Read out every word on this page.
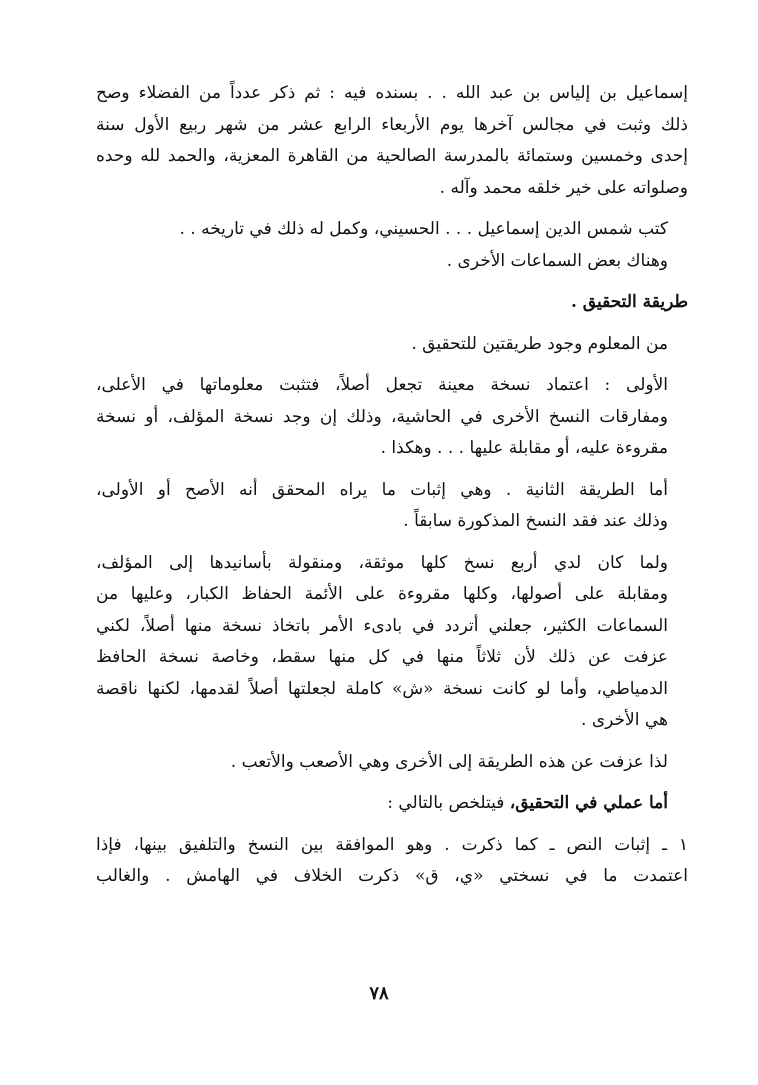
إسماعيل بن إلياس بن عبد الله . . بسنده فيه : ثم ذكر عدداً من الفضلاء وصح
ذلك وثبت في مجالس آخرها يوم الأربعاء الرابع عشر من شهر ربيع الأول سنة
إحدى وخمسين وستمائة بالمدرسة الصالحية من القاهرة المعزية، والحمد لله وحده
وصلواته على خير خلقه محمد وآله .
كتب شمس الدين إسماعيل . . . الحسيني، وكمل له ذلك في تاريخه . .
وهناك بعض السماعات الأخرى .
طريقة التحقيق .
من المعلوم وجود طريقتين للتحقيق .
الأولى : اعتماد نسخة معينة تجعل أصلاً، فتثبت معلوماتها في الأعلى،
ومفارقات النسخ الأخرى في الحاشية، وذلك إن وجد نسخة المؤلف، أو نسخة
مقروءة عليه، أو مقابلة عليها . . . وهكذا .
أما الطريقة الثانية . وهي إثبات ما يراه المحقق أنه الأصح أو الأولى،
وذلك عند فقد النسخ المذكورة سابقاً .
ولما كان لدي أربع نسخ كلها موثقة، ومنقولة بأسانيدها إلى المؤلف،
ومقابلة على أصولها، وكلها مقروءة على الأئمة الحفاظ الكبار، وعليها من
السماعات الكثير، جعلني أتردد في بادىء الأمر باتخاذ نسخة منها أصلاً، لكني
عزفت عن ذلك لأن ثلاثاً منها في كل منها سقط، وخاصة نسخة الحافظ
الدمياطي، وأما لو كانت نسخة «ش» كاملة لجعلتها أصلاً لقدمها، لكنها ناقصة
هي الأخرى .
لذا عزفت عن هذه الطريقة إلى الأخرى وهي الأصعب والأتعب .
أما عملي في التحقيق، فيتلخص بالتالي :
١ ـ إثبات النص ـ كما ذكرت . وهو الموافقة بين النسخ والتلفيق بينها، فإذا
اعتمدت ما في نسختي «ي، ق» ذكرت الخلاف في الهامش . والغالب
٧٨
